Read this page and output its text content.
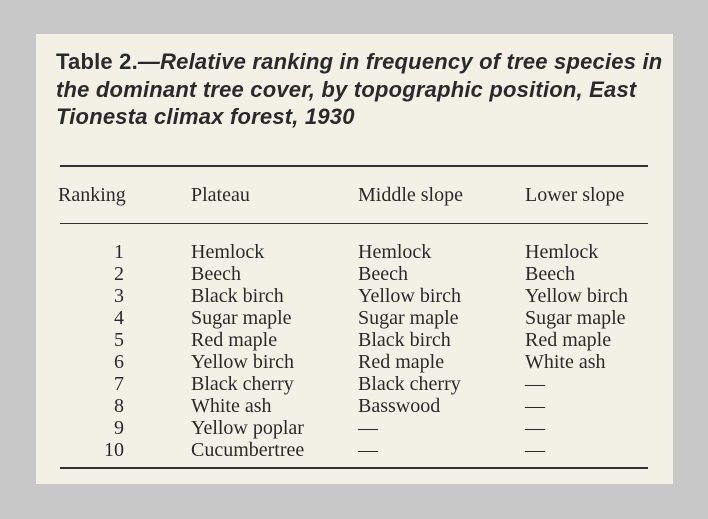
Table 2.—Relative ranking in frequency of tree species in the dominant tree cover, by topographic position, East Tionesta climax forest, 1930

Ranking	Plateau	Middle slope	Lower slope
1	Hemlock	Hemlock	Hemlock
2	Beech	Beech	Beech
3	Black birch	Yellow birch	Yellow birch
4	Sugar maple	Sugar maple	Sugar maple
5	Red maple	Black birch	Red maple
6	Yellow birch	Red maple	White ash
7	Black cherry	Black cherry	—
8	White ash	Basswood	—
9	Yellow poplar	—	—
10	Cucumbertree	—	—
